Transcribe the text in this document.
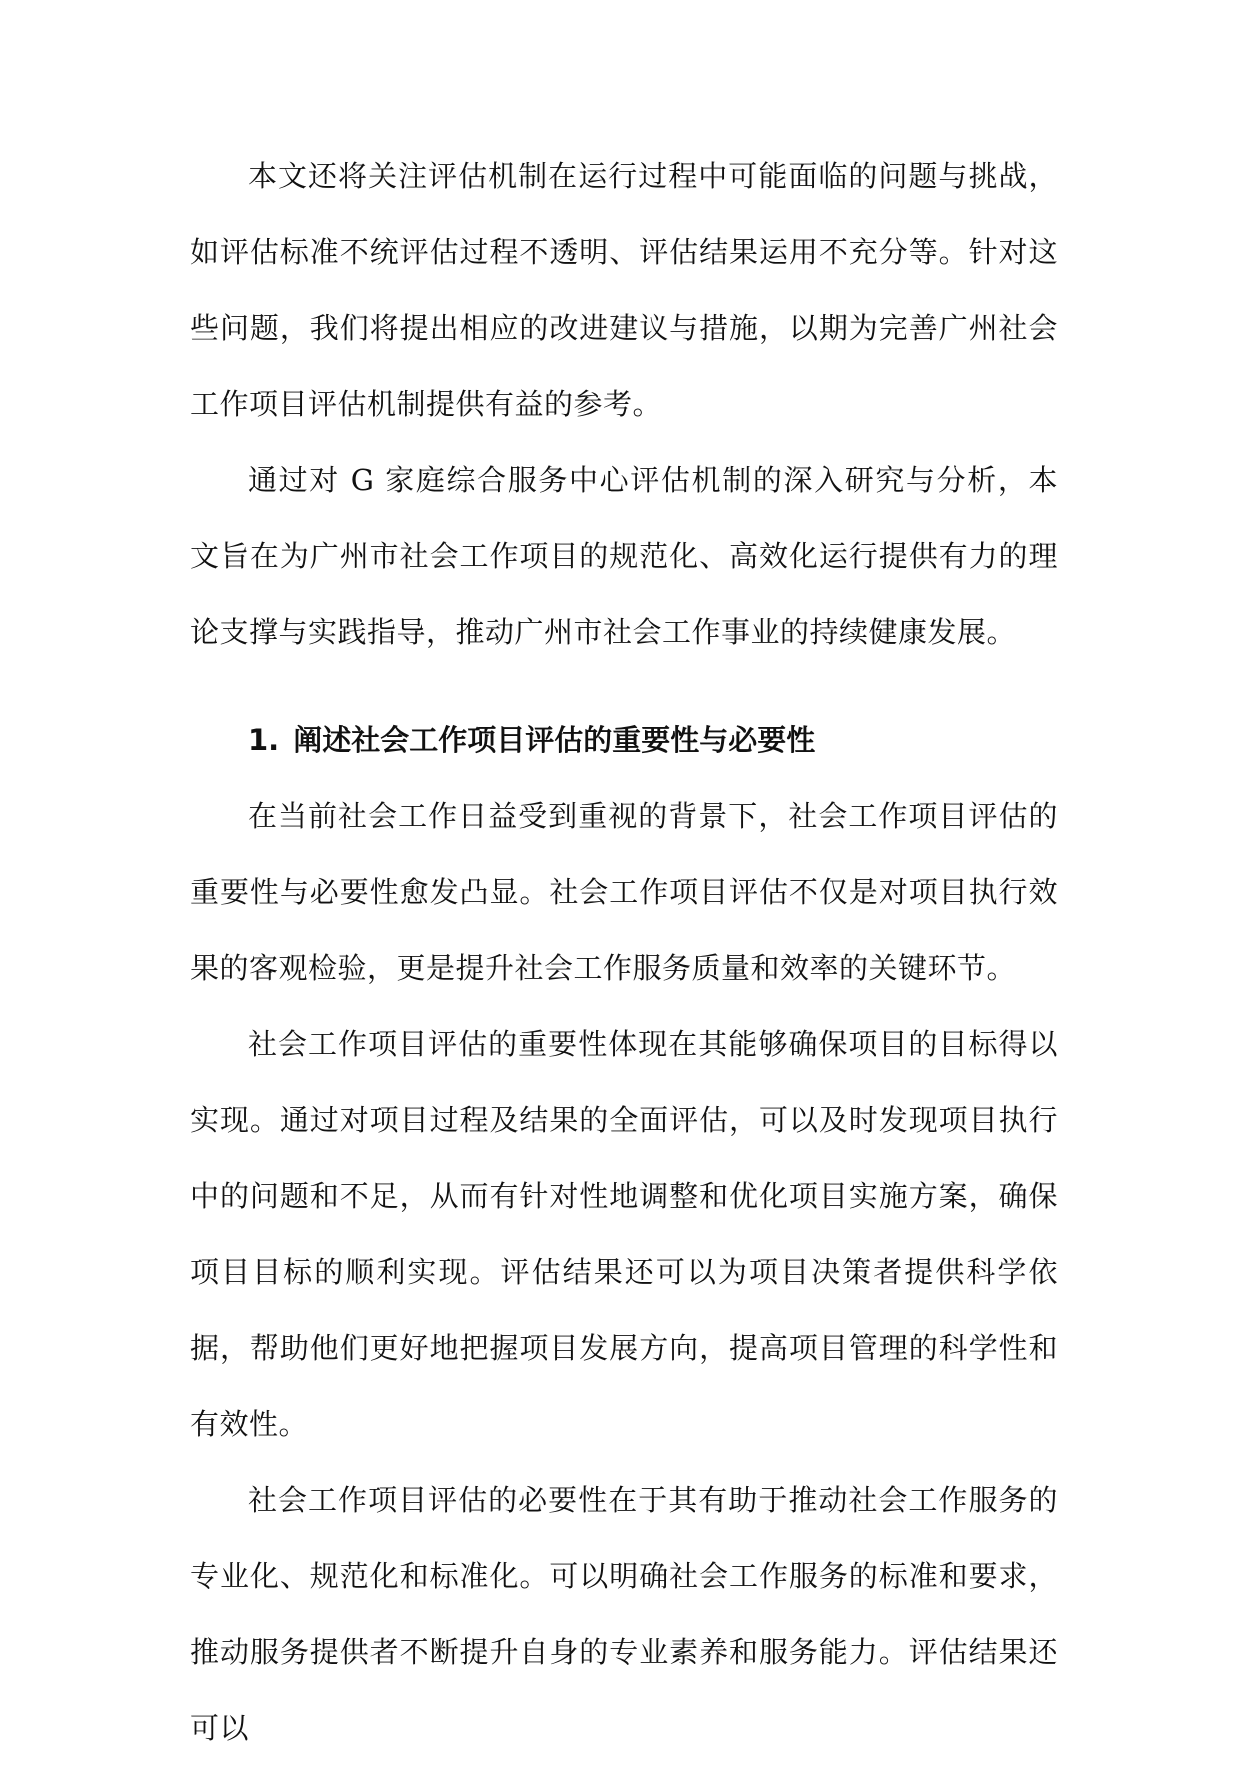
本文还将关注评估机制在运行过程中可能面临的问题与挑战，如评估标准不统评估过程不透明、评估结果运用不充分等。针对这些问题，我们将提出相应的改进建议与措施，以期为完善广州社会工作项目评估机制提供有益的参考。

通过对 G 家庭综合服务中心评估机制的深入研究与分析，本文旨在为广州市社会工作项目的规范化、高效化运行提供有力的理论支撑与实践指导，推动广州市社会工作事业的持续健康发展。

1. 阐述社会工作项目评估的重要性与必要性

在当前社会工作日益受到重视的背景下，社会工作项目评估的重要性与必要性愈发凸显。社会工作项目评估不仅是对项目执行效果的客观检验，更是提升社会工作服务质量和效率的关键环节。

社会工作项目评估的重要性体现在其能够确保项目的目标得以实现。通过对项目过程及结果的全面评估，可以及时发现项目执行中的问题和不足，从而有针对性地调整和优化项目实施方案，确保项目目标的顺利实现。评估结果还可以为项目决策者提供科学依据，帮助他们更好地把握项目发展方向，提高项目管理的科学性和有效性。

社会工作项目评估的必要性在于其有助于推动社会工作服务的专业化、规范化和标准化。可以明确社会工作服务的标准和要求，推动服务提供者不断提升自身的专业素养和服务能力。评估结果还可以
